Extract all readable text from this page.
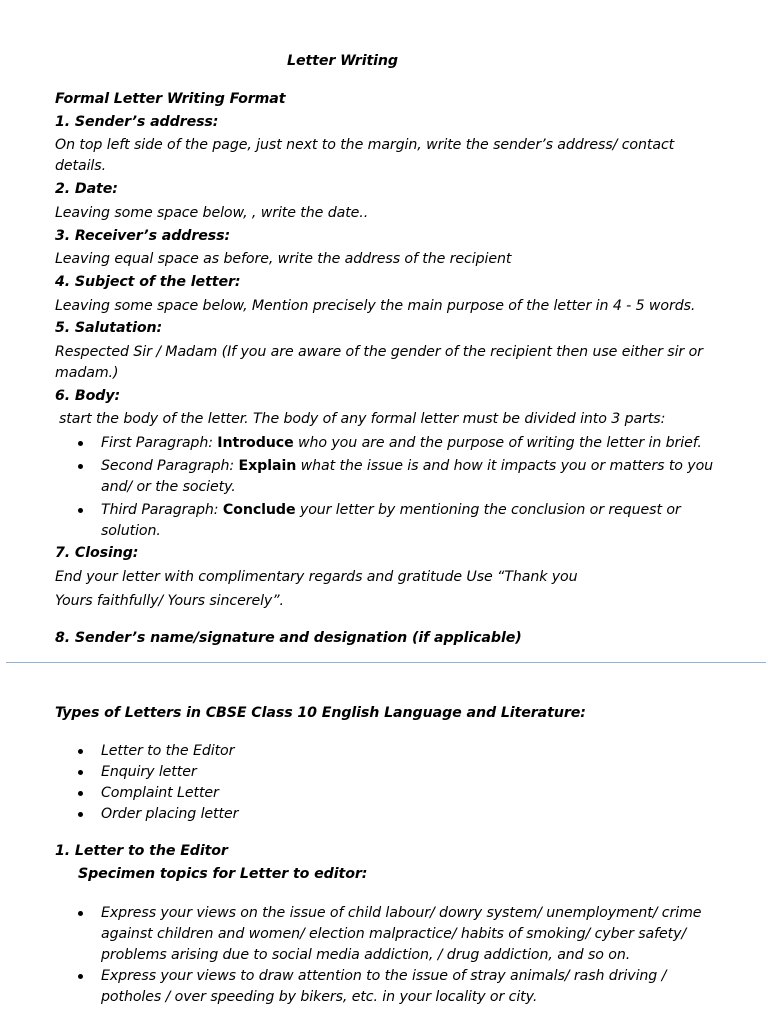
Letter Writing

Formal Letter Writing Format

1. Sender’s address:

On top left side of the page, just next to the margin, write the sender’s address/ contact

details.

2. Date:

Leaving some space below, , write the date..

3. Receiver’s address:

Leaving equal space as before, write the address of the recipient

4. Subject of the letter:

Leaving some space below, Mention precisely the main purpose of the letter in 4 - 5 words.

5. Salutation:

Respected Sir / Madam (If you are aware of the gender of the recipient then use either sir or

madam.)

6. Body:

start the body of the letter. The body of any formal letter must be divided into 3 parts:

First Paragraph: Introduce who you are and the purpose of writing the letter in brief.

Second Paragraph: Explain what the issue is and how it impacts you or matters to you

and/ or the society.

Third Paragraph: Conclude your letter by mentioning the conclusion or request or

solution.

7. Closing:

End your letter with complimentary regards and gratitude Use “Thank you

Yours faithfully/ Yours sincerely”.

8. Sender’s name/signature and designation (if applicable)

Types of Letters in CBSE Class 10 English Language and Literature:

Letter to the Editor

Enquiry letter

Complaint Letter

Order placing letter

1. Letter to the Editor

Specimen topics for Letter to editor:

Express your views on the issue of child labour/ dowry system/ unemployment/ crime

against children and women/ election malpractice/ habits of smoking/ cyber safety/

problems arising due to social media addiction, / drug addiction, and so on.

Express your views to draw attention to the issue of stray animals/ rash driving /

potholes / over speeding by bikers, etc. in your locality or city.
